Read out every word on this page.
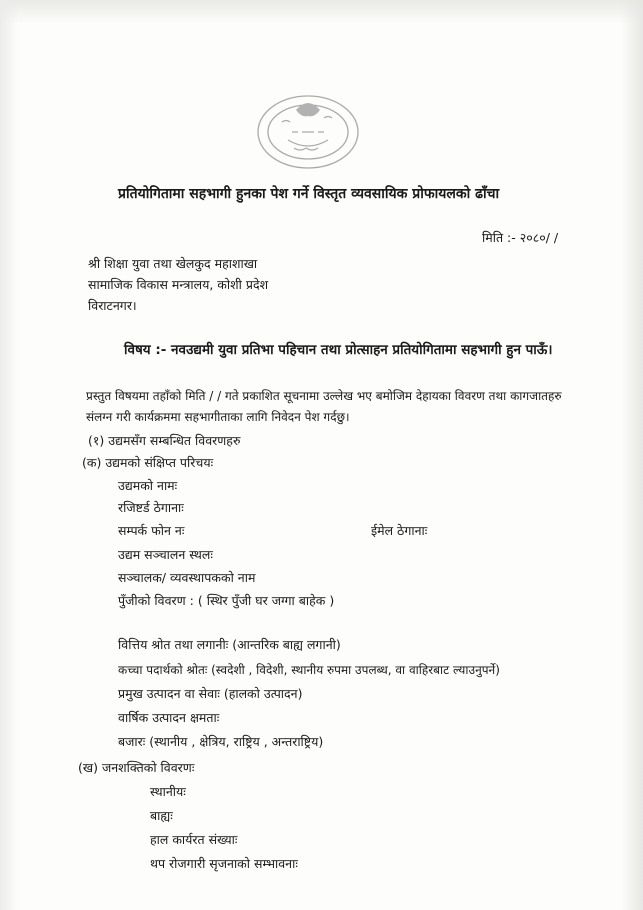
प्रतियोगितामा सहभागी हुनका पेश गर्ने विस्तृत व्यवसायिक प्रोफायलको ढाँचा
मिति :- २०८०/ /
श्री शिक्षा युवा तथा खेलकुद महाशाखा
सामाजिक विकास मन्त्रालय, कोशी प्रदेश
विराटनगर।
विषय :- नवउद्यमी युवा प्रतिभा पहिचान तथा प्रोत्साहन प्रतियोगितामा सहभागी हुन पाऊँ।
प्रस्तुत विषयमा तहाँको मिति / / गते प्रकाशित सूचनामा उल्लेख भए बमोजिम देहायका विवरण तथा कागजातहरु
संलग्न गरी कार्यक्रममा सहभागीताका लागि निवेदन पेश गर्दछु।
(१) उद्यमसँग सम्बन्धित विवरणहरु
(क) उद्यमको संक्षिप्त परिचयः
उद्यमको नामः
रजिष्टर्ड ठेगानाः
सम्पर्क फोन नः	ईमेल ठेगानाः
उद्यम सञ्चालन स्थलः
सञ्चालक/ व्यवस्थापकको नाम
पुँजीको विवरण : ( स्थिर पुँजी घर जग्गा बाहेक )
वित्तिय श्रोत तथा लगानीः (आन्तरिक बाह्य लगानी)
कच्चा पदार्थको श्रोतः (स्वदेशी , विदेशी, स्थानीय रुपमा उपलब्ध, वा वाहिरबाट ल्याउनुपर्ने)
प्रमुख उत्पादन वा सेवाः (हालको उत्पादन)
वार्षिक उत्पादन क्षमताः
बजारः (स्थानीय , क्षेत्रिय, राष्ट्रिय , अन्तराष्ट्रिय)
(ख) जनशक्तिको विवरणः
स्थानीयः
बाह्यः
हाल कार्यरत संख्याः
थप रोजगारी सृजनाको सम्भावनाः
